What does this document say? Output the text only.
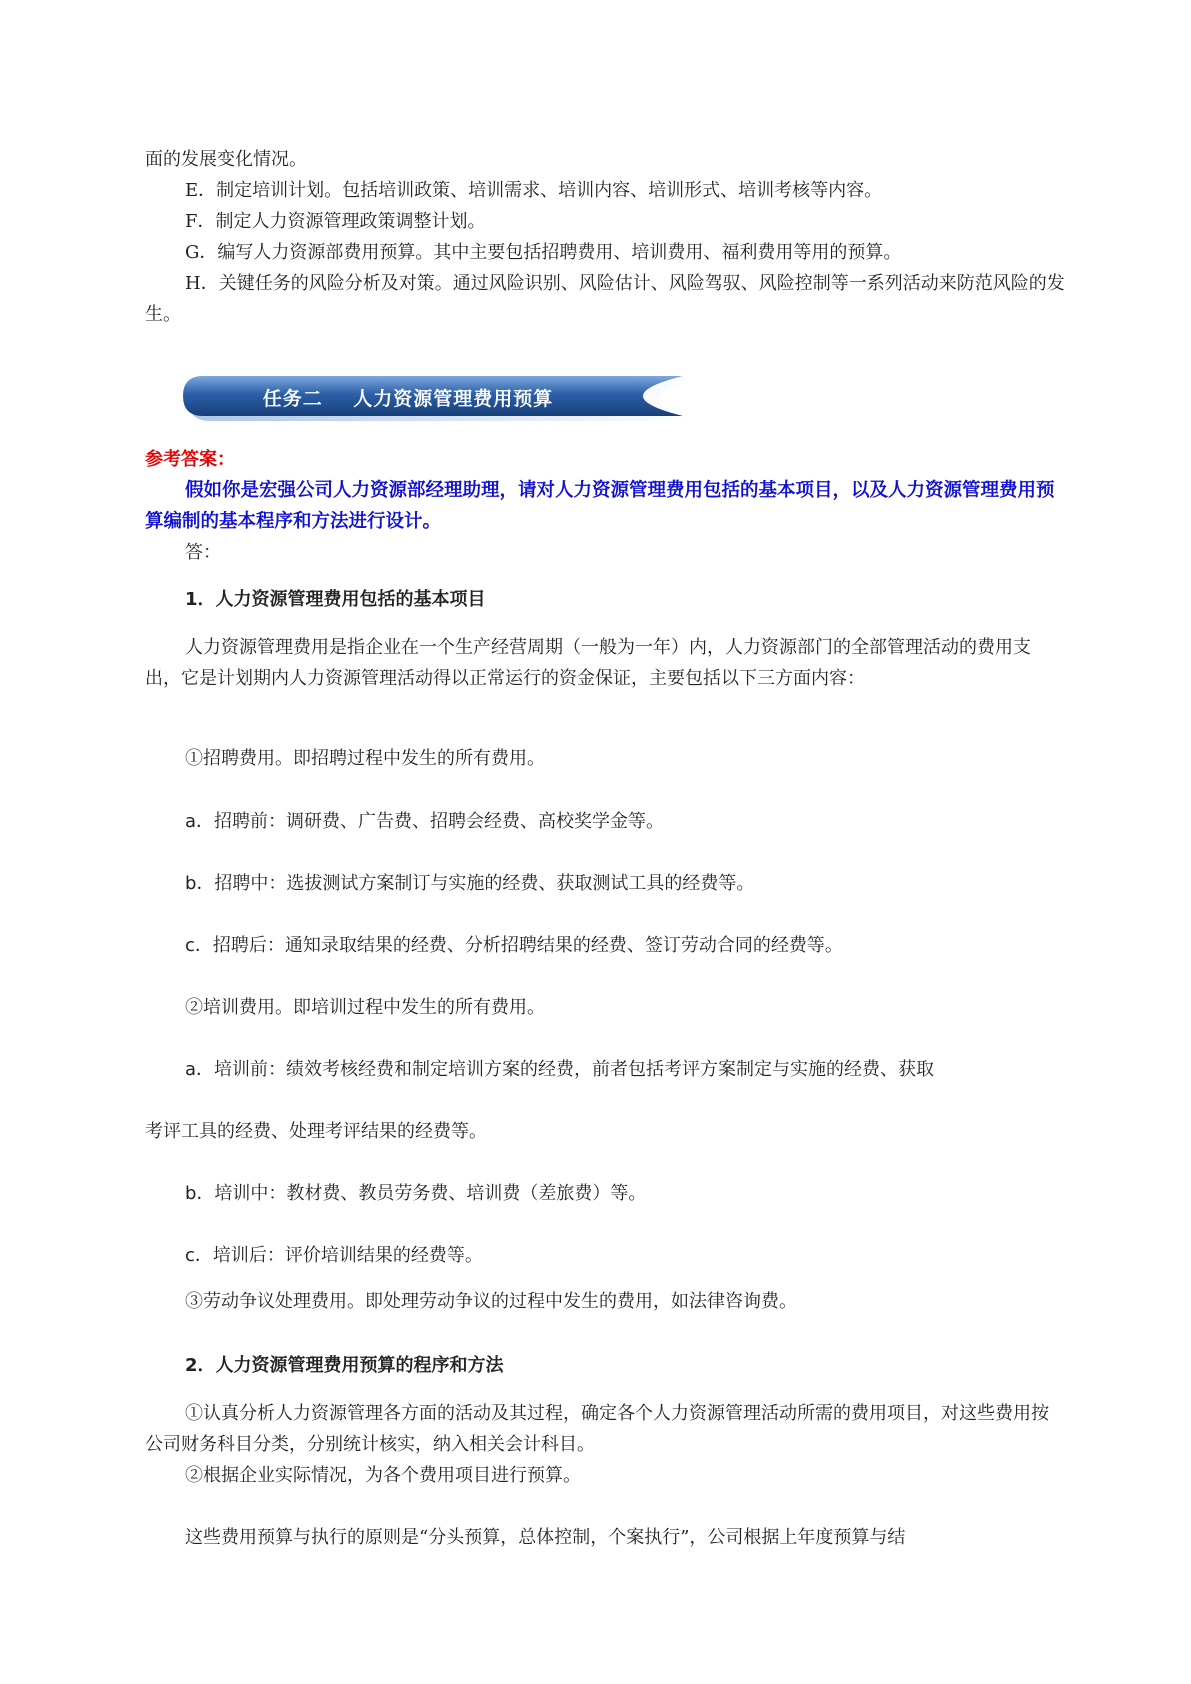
面的发展变化情况。

E．制定培训计划。包括培训政策、培训需求、培训内容、培训形式、培训考核等内容。

F．制定人力资源管理政策调整计划。

G．编写人力资源部费用预算。其中主要包括招聘费用、培训费用、福利费用等用的预算。

H．关键任务的风险分析及对策。通过风险识别、风险估计、风险驾驭、风险控制等一系列活动来防范风险的发生。

任务二    人力资源管理费用预算

参考答案：

假如你是宏强公司人力资源部经理助理，请对人力资源管理费用包括的基本项目，以及人力资源管理费用预算编制的基本程序和方法进行设计。

答：

1．人力资源管理费用包括的基本项目

人力资源管理费用是指企业在一个生产经营周期（一般为一年）内，人力资源部门的全部管理活动的费用支出，它是计划期内人力资源管理活动得以正常运行的资金保证，主要包括以下三方面内容：

①招聘费用。即招聘过程中发生的所有费用。

a．招聘前：调研费、广告费、招聘会经费、高校奖学金等。

b．招聘中：选拔测试方案制订与实施的经费、获取测试工具的经费等。

c．招聘后：通知录取结果的经费、分析招聘结果的经费、签订劳动合同的经费等。

②培训费用。即培训过程中发生的所有费用。

a．培训前：绩效考核经费和制定培训方案的经费，前者包括考评方案制定与实施的经费、获取

考评工具的经费、处理考评结果的经费等。

b．培训中：教材费、教员劳务费、培训费（差旅费）等。

c．培训后：评价培训结果的经费等。

③劳动争议处理费用。即处理劳动争议的过程中发生的费用，如法律咨询费。

2．人力资源管理费用预算的程序和方法

①认真分析人力资源管理各方面的活动及其过程，确定各个人力资源管理活动所需的费用项目，对这些费用按公司财务科目分类，分别统计核实，纳入相关会计科目。

②根据企业实际情况，为各个费用项目进行预算。

这些费用预算与执行的原则是“分头预算，总体控制，个案执行”，公司根据上年度预算与结
